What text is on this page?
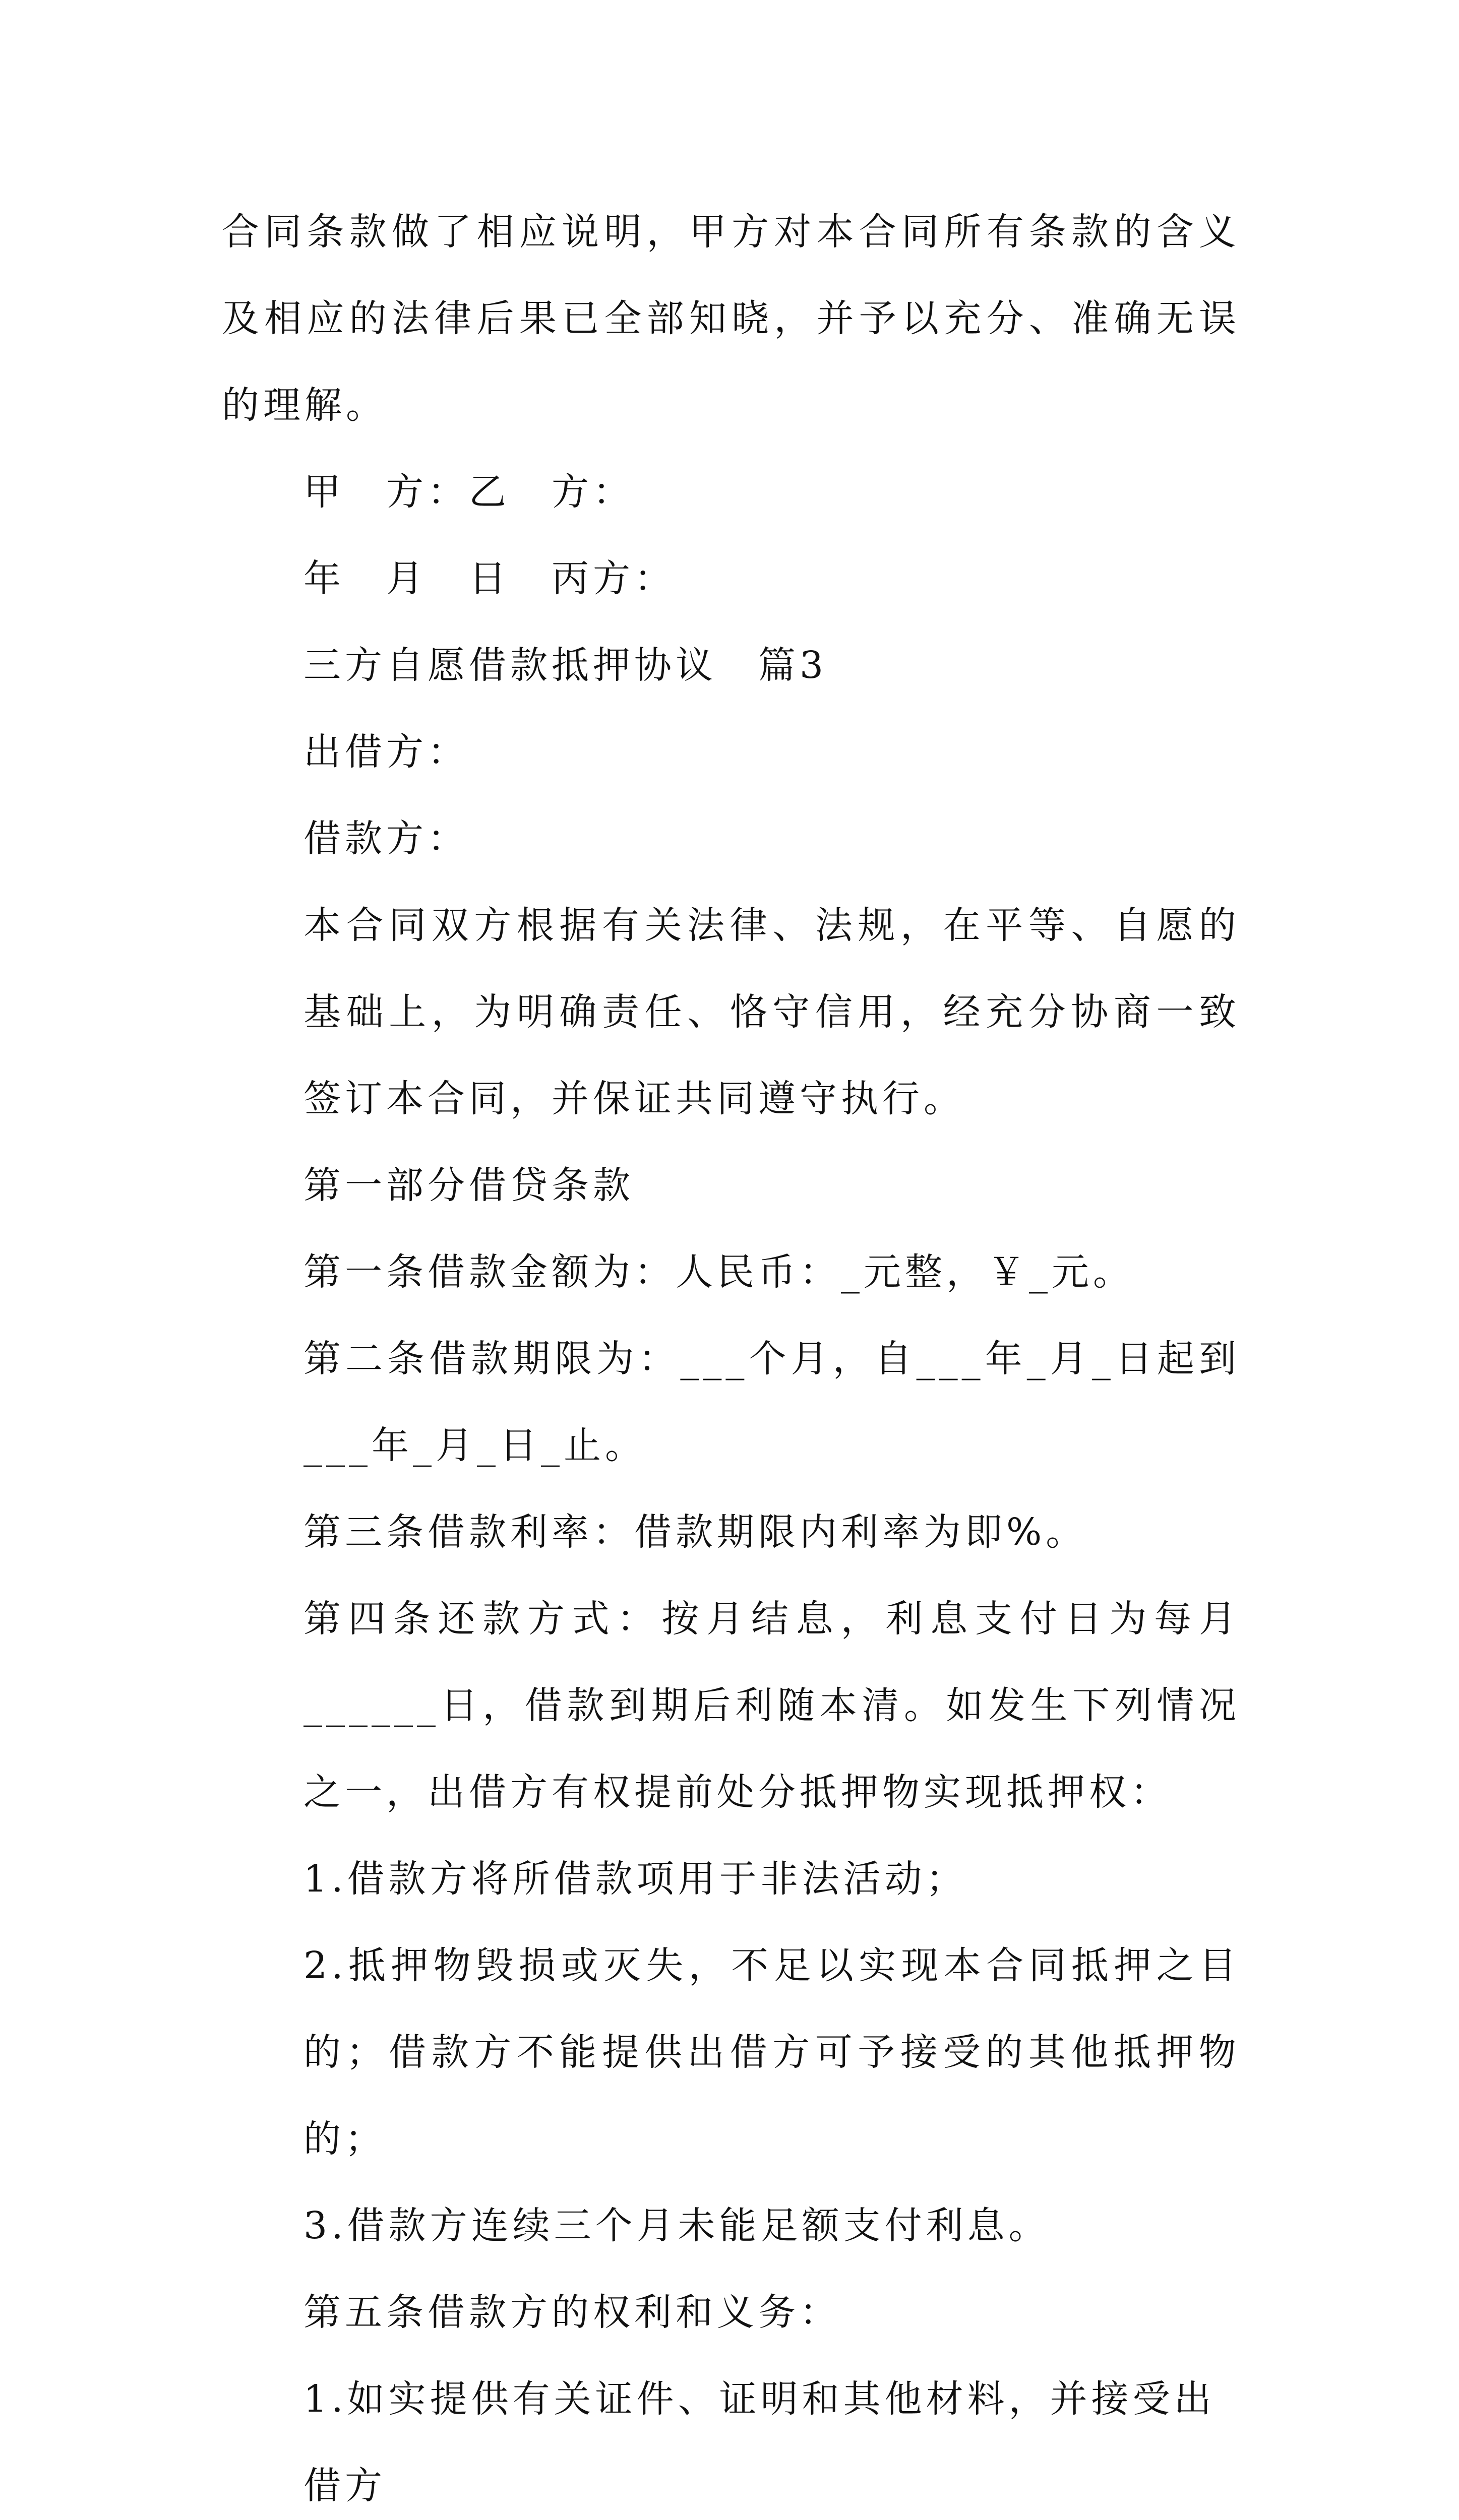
合同条款做了相应说明，甲方对本合同所有条款的含义及相应的法律后果已全部知晓，并予以充分、准确无误的理解。

甲　方：乙　方：

年　月　日　丙方：

三方自愿借款抵押协议　篇3

出借方：

借款方：

本合同双方根据有关法律、法规，在平等、自愿的基础上，为明确责任、恪守信用，经充分协商一致签订本合同，并保证共同遵守执行。

第一部分借贷条款

第一条借款金额为：人民币：_元整，￥_元。

第二条借款期限为：___个月，自___年_月_日起到___年_月_日_止。

第三条借款利率：借款期限内利率为即%。

第四条还款方式：按月结息，利息支付日为每月______日，借款到期后利随本清。如发生下列情况之一，出借方有权提前处分抵押物实现抵押权：

1.借款方将所借款项用于非法活动；

2.抵押物毁损或灭失，不足以实现本合同抵押之目的；借款方不能提供出借方可予接受的其他抵押物的；

3.借款方连续三个月未能足额支付利息。

第五条借款方的权利和义务：

1.如实提供有关证件、证明和其他材料，并接受出借方
